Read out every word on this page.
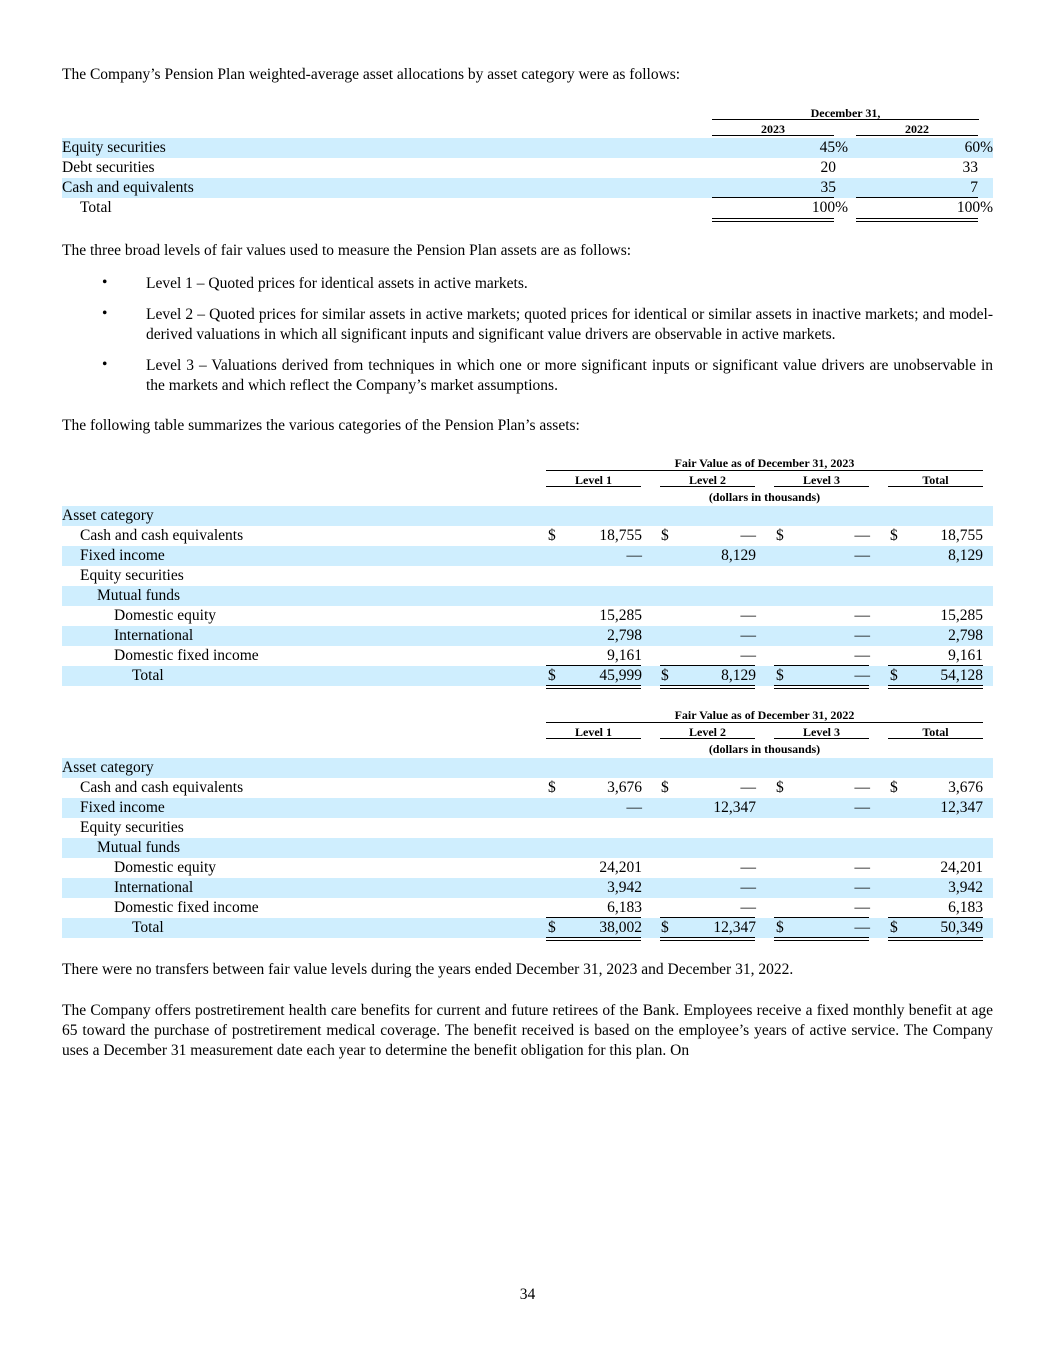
The Company’s Pension Plan weighted-average asset allocations by asset category were as follows:

December 31,
2023	2022
Equity securities	45%	60%
Debt securities	20	33
Cash and equivalents	35	7
Total	100%	100%

The three broad levels of fair values used to measure the Pension Plan assets are as follows:

• Level 1 – Quoted prices for identical assets in active markets.
• Level 2 – Quoted prices for similar assets in active markets; quoted prices for identical or similar assets in inactive markets; and model-derived valuations in which all significant inputs and significant value drivers are observable in active markets.
• Level 3 – Valuations derived from techniques in which one or more significant inputs or significant value drivers are unobservable in the markets and which reflect the Company’s market assumptions.

The following table summarizes the various categories of the Pension Plan’s assets:

Fair Value as of December 31, 2023
Level 1	Level 2	Level 3	Total
(dollars in thousands)
Asset category
Cash and cash equivalents	$	18,755 $	— $	— $	18,755
Fixed income	—	8,129	—	8,129
Equity securities
Mutual funds
Domestic equity	15,285	—	—	15,285
International	2,798	—	—	2,798
Domestic fixed income	9,161	—	—	9,161
Total	$	45,999 $	8,129 $	— $	54,128
Fair Value as of December 31, 2022
Level 1	Level 2	Level 3	Total
(dollars in thousands)
Asset category
Cash and cash equivalents	$	3,676 $	— $	— $	3,676
Fixed income	—	12,347	—	12,347
Equity securities
Mutual funds
Domestic equity	24,201	—	—	24,201
International	3,942	—	—	3,942
Domestic fixed income	6,183	—	—	6,183
Total	$	38,002 $	12,347 $	— $	50,349

There were no transfers between fair value levels during the years ended December 31, 2023 and December 31, 2022.

The Company offers postretirement health care benefits for current and future retirees of the Bank. Employees receive a fixed monthly benefit at age 65 toward the purchase of postretirement medical coverage. The benefit received is based on the employee’s years of active service. The Company uses a December 31 measurement date each year to determine the benefit obligation for this plan. On

34
